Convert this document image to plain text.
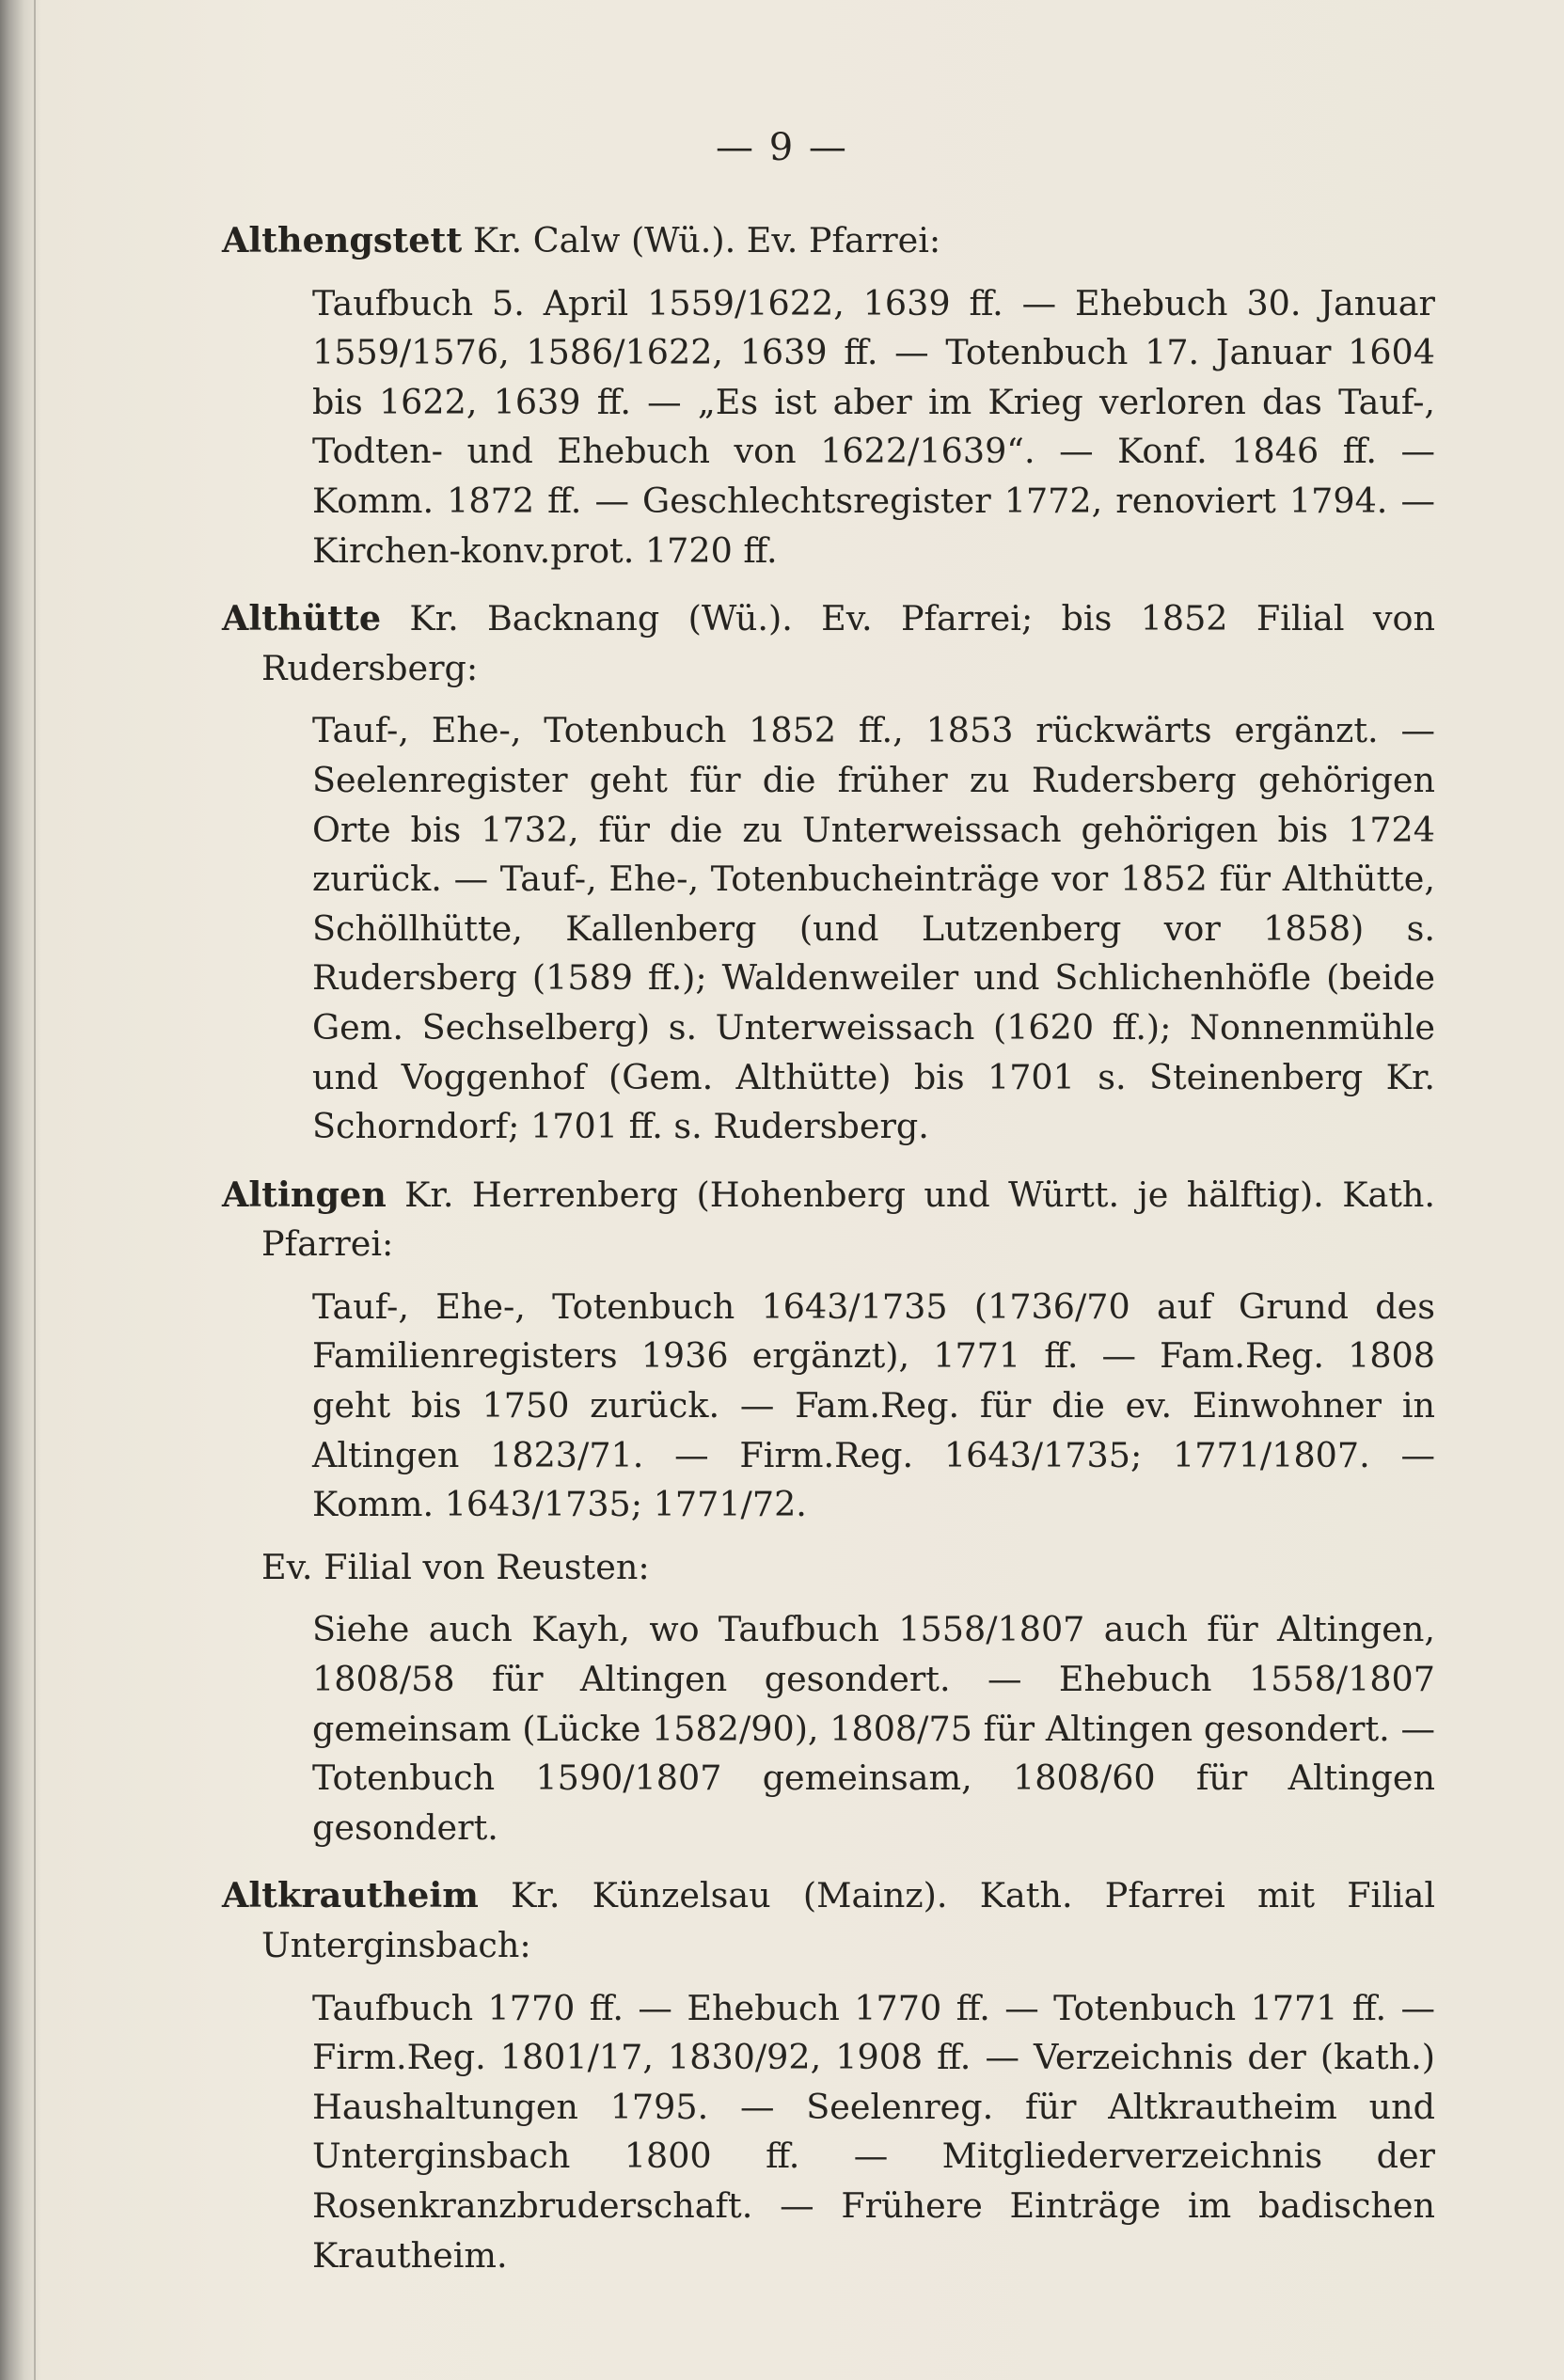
— 9 —

Althengstett Kr. Calw (Wü.). Ev. Pfarrei:

Taufbuch 5. April 1559/1622, 1639 ff. — Ehebuch 30. Januar 1559/1576, 1586/1622, 1639 ff. — Totenbuch 17. Januar 1604 bis 1622, 1639 ff. — „Es ist aber im Krieg verloren das Tauf-, Todten- und Ehebuch von 1622/1639“. — Konf. 1846 ff. — Komm. 1872 ff. — Geschlechtsregister 1772, renoviert 1794. — Kirchen-konv.prot. 1720 ff.

Althütte Kr. Backnang (Wü.). Ev. Pfarrei; bis 1852 Filial von Rudersberg:

Tauf-, Ehe-, Totenbuch 1852 ff., 1853 rückwärts ergänzt. — Seelenregister geht für die früher zu Rudersberg gehörigen Orte bis 1732, für die zu Unterweissach gehörigen bis 1724 zurück. — Tauf-, Ehe-, Totenbucheinträge vor 1852 für Althütte, Schöllhütte, Kallenberg (und Lutzenberg vor 1858) s. Rudersberg (1589 ff.); Waldenweiler und Schlichenhöfle (beide Gem. Sechselberg) s. Unterweissach (1620 ff.); Nonnenmühle und Voggenhof (Gem. Althütte) bis 1701 s. Steinenberg Kr. Schorndorf; 1701 ff. s. Rudersberg.

Altingen Kr. Herrenberg (Hohenberg und Württ. je hälftig). Kath. Pfarrei:

Tauf-, Ehe-, Totenbuch 1643/1735 (1736/70 auf Grund des Familienregisters 1936 ergänzt), 1771 ff. — Fam.Reg. 1808 geht bis 1750 zurück. — Fam.Reg. für die ev. Einwohner in Altingen 1823/71. — Firm.Reg. 1643/1735; 1771/1807. — Komm. 1643/1735; 1771/72.
Ev. Filial von Reusten:
Siehe auch Kayh, wo Taufbuch 1558/1807 auch für Altingen, 1808/58 für Altingen gesondert. — Ehebuch 1558/1807 gemeinsam (Lücke 1582/90), 1808/75 für Altingen gesondert. — Totenbuch 1590/1807 gemeinsam, 1808/60 für Altingen gesondert.

Altkrautheim Kr. Künzelsau (Mainz). Kath. Pfarrei mit Filial Unterginsbach:

Taufbuch 1770 ff. — Ehebuch 1770 ff. — Totenbuch 1771 ff. — Firm.Reg. 1801/17, 1830/92, 1908 ff. — Verzeichnis der (kath.) Haushaltungen 1795. — Seelenreg. für Altkrautheim und Unterginsbach 1800 ff. — Mitgliederverzeichnis der Rosenkranzbruderschaft. — Frühere Einträge im badischen Krautheim.
